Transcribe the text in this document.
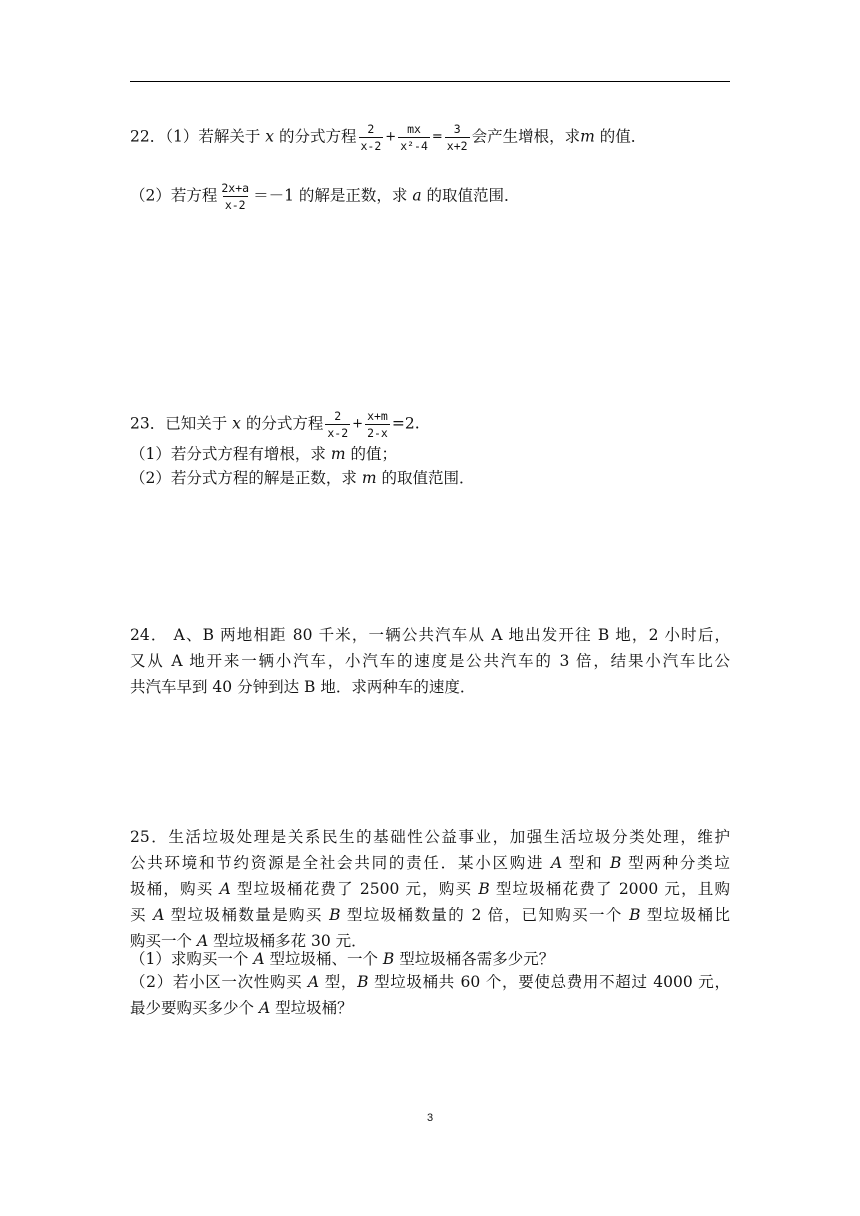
22．（1）若解关于 x 的分式方程 $\frac{2}{x-2} + \frac{mx}{\text{x²-4}} = \frac{3}{x+2}$ 会产生增根，求m 的值．
（2）若方程 $\frac{2x+a}{x-2} =-1$ 的解是正数，求 a 的取值范围．
23．已知关于 x 的分式方程 $\frac{2}{x-2} + \frac{x+m}{2-x} =2$.
（1）若分式方程有增根，求 m 的值；
（2）若分式方程的解是正数，求 m 的取值范围．

24． A、B 两地相距 80 千米，一辆公共汽车从 A 地出发开往 B 地，2 小时后，

又从 A 地开来一辆小汽车，小汽车的速度是公共汽车的 3 倍，结果小汽车比公

共汽车早到 40 分钟到达 B 地．求两种车的速度．

25．生活垃圾处理是关系民生的基础性公益事业，加强生活垃圾分类处理，维护

公共环境和节约资源是全社会共同的责任．某小区购进 A 型和 B 型两种分类垃

圾桶，购买 A 型垃圾桶花费了 2500 元，购买 B 型垃圾桶花费了 2000 元，且购

买 A 型垃圾桶数量是购买 B 型垃圾桶数量的 2 倍，已知购买一个 B 型垃圾桶比

购买一个 A 型垃圾桶多花 30 元．

（1）求购买一个 A 型垃圾桶、一个 B 型垃圾桶各需多少元？

（2）若小区一次性购买 A 型，B 型垃圾桶共 60 个，要使总费用不超过 4000 元，

最少要购买多少个 A 型垃圾桶？

3
